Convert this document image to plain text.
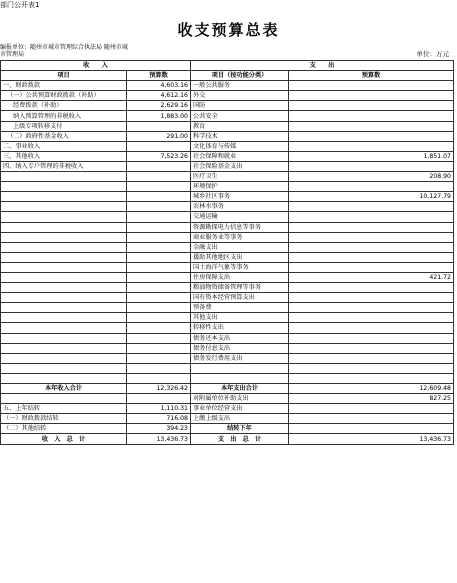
部门公开表1
收支预算总表
编报单位：随州市城市管理综合执法局 随州市城市管理局	单位：万元
收　　入		支　　出	
项目	预算数	项目（按功能分类）	预算数
一、财政拨款	4,603.16	一般公共服务	
（一）公共预算财政拨款（补助）	4,612.16	外交	
经费拨款（补助）	2,629.16	国防	
纳入预算管理的非税收入	1,883.00	公共安全	
上级专项转移支付		教育	
（二）政府性基金收入	291.00	科学技术	
二、事业收入		文化体育与传媒	
三、其他收入	7,523.26	社会保障和就业	1,851.07
四、纳入专户管理的非税收入		社会保险基金支出	
		医疗卫生	208.90
		环境保护	
		城乡社区事务	10,127.79
		农林水事务	
		交通运输	
		资源勘探电力信息等事务	
		商业服务业等事务	
		金融支出	
		援助其他地区支出	
		国土海洋气象等事务	
		住房保障支出	421.72
		粮油物资储备管理等事务	
		国有资本经营预算支出	
		预备费	
		其他支出	
		转移性支出	
		债务还本支出	
		债务付息支出	
		债务发行费用支出	

本年收入合计	12,326.42	本年支出合计	12,609.48
		对附属单位补助支出	827.25
五、上年结转	1,110.31	事业单位经营支出	
（一）财政拨款结转	716.08	上缴上级支出	
（二）其他结转	394.23	结转下年	
收　入　总　计	13,436.73	支　出　总　计	13,436.73
